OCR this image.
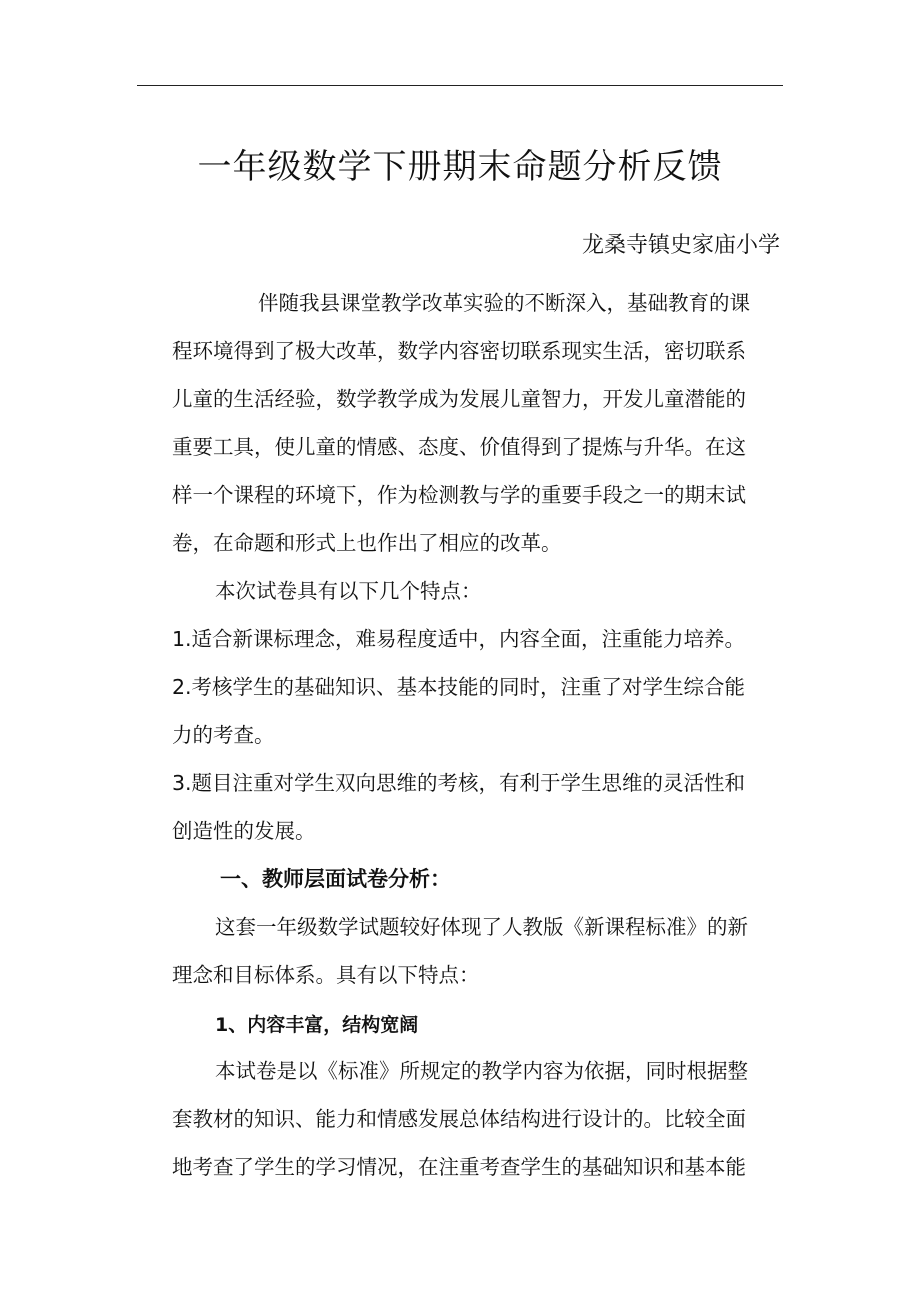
一年级数学下册期末命题分析反馈
龙桑寺镇史家庙小学
伴随我县课堂教学改革实验的不断深入，基础教育的课
程环境得到了极大改革，数学内容密切联系现实生活，密切联系
儿童的生活经验，数学教学成为发展儿童智力，开发儿童潜能的
重要工具，使儿童的情感、态度、价值得到了提炼与升华。在这
样一个课程的环境下，作为检测教与学的重要手段之一的期末试
卷，在命题和形式上也作出了相应的改革。
本次试卷具有以下几个特点：
1.适合新课标理念，难易程度适中，内容全面，注重能力培养。
2.考核学生的基础知识、基本技能的同时，注重了对学生综合能
力的考查。
3.题目注重对学生双向思维的考核，有利于学生思维的灵活性和
创造性的发展。
一、教师层面试卷分析：
这套一年级数学试题较好体现了人教版《新课程标准》的新
理念和目标体系。具有以下特点：
1、内容丰富，结构宽阔
本试卷是以《标准》所规定的教学内容为依据，同时根据整
套教材的知识、能力和情感发展总体结构进行设计的。比较全面
地考查了学生的学习情况，在注重考查学生的基础知识和基本能
